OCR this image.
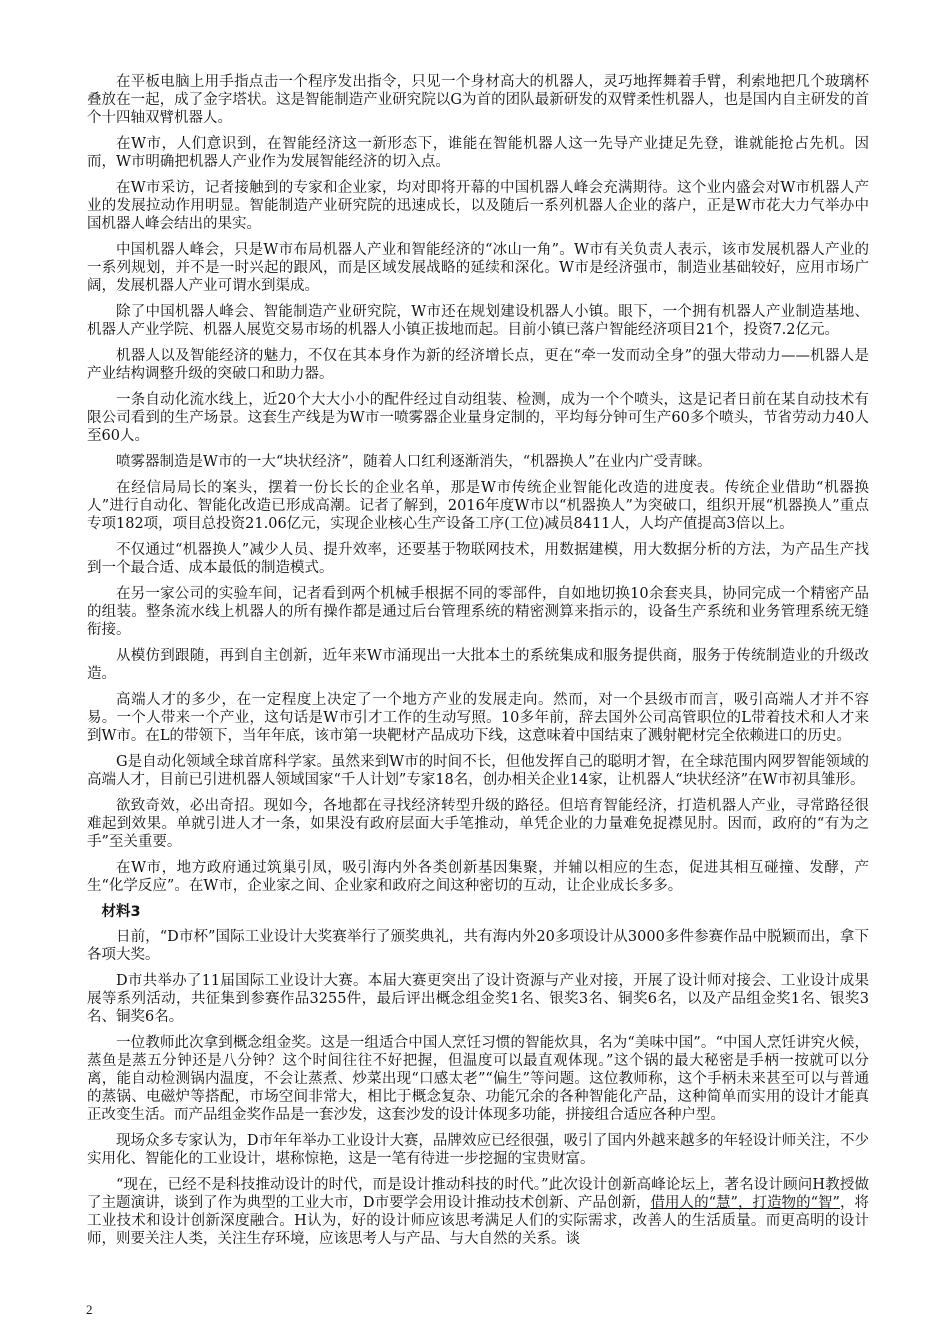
在平板电脑上用手指点击一个程序发出指令，只见一个身材高大的机器人，灵巧地挥舞着手臂，利索地把几个玻璃杯叠放在一起，成了金字塔状。这是智能制造产业研究院以G为首的团队最新研发的双臂柔性机器人，也是国内自主研发的首个十四轴双臂机器人。

在W市，人们意识到，在智能经济这一新形态下，谁能在智能机器人这一先导产业捷足先登，谁就能抢占先机。因而，W市明确把机器人产业作为发展智能经济的切入点。

在W市采访，记者接触到的专家和企业家，均对即将开幕的中国机器人峰会充满期待。这个业内盛会对W市机器人产业的发展拉动作用明显。智能制造产业研究院的迅速成长，以及随后一系列机器人企业的落户，正是W市花大力气举办中国机器人峰会结出的果实。

中国机器人峰会，只是W市布局机器人产业和智能经济的“冰山一角”。W市有关负责人表示，该市发展机器人产业的一系列规划，并不是一时兴起的跟风，而是区域发展战略的延续和深化。W市是经济强市，制造业基础较好，应用市场广阔，发展机器人产业可谓水到渠成。

除了中国机器人峰会、智能制造产业研究院，W市还在规划建设机器人小镇。眼下，一个拥有机器人产业制造基地、机器人产业学院、机器人展览交易市场的机器人小镇正拔地而起。目前小镇已落户智能经济项目21个，投资7.2亿元。

机器人以及智能经济的魅力，不仅在其本身作为新的经济增长点，更在“牵一发而动全身”的强大带动力——机器人是产业结构调整升级的突破口和助力器。

一条自动化流水线上，近20个大大小小的配件经过自动组装、检测，成为一个个喷头，这是记者日前在某自动技术有限公司看到的生产场景。这套生产线是为W市一喷雾器企业量身定制的，平均每分钟可生产60多个喷头，节省劳动力40人至60人。

喷雾器制造是W市的一大“块状经济”，随着人口红利逐渐消失，“机器换人”在业内广受青睐。

在经信局局长的案头，摆着一份长长的企业名单，那是W市传统企业智能化改造的进度表。传统企业借助“机器换人”进行自动化、智能化改造已形成高潮。记者了解到，2016年度W市以“机器换人”为突破口，组织开展“机器换人”重点专项182项，项目总投资21.06亿元，实现企业核心生产设备工序(工位)减员8411人，人均产值提高3倍以上。

不仅通过“机器换人”减少人员、提升效率，还要基于物联网技术，用数据建模，用大数据分析的方法，为产品生产找到一个最合适、成本最低的制造模式。

在另一家公司的实验车间，记者看到两个机械手根据不同的零部件，自如地切换10余套夹具，协同完成一个精密产品的组装。整条流水线上机器人的所有操作都是通过后台管理系统的精密测算来指示的，设备生产系统和业务管理系统无缝衔接。

从模仿到跟随，再到自主创新，近年来W市涌现出一大批本土的系统集成和服务提供商，服务于传统制造业的升级改造。

高端人才的多少，在一定程度上决定了一个地方产业的发展走向。然而，对一个县级市而言，吸引高端人才并不容易。一个人带来一个产业，这句话是W市引才工作的生动写照。10多年前，辞去国外公司高管职位的L带着技术和人才来到W市。在L的带领下，当年年底，该市第一块靶材产品成功下线，这意味着中国结束了溅射靶材完全依赖进口的历史。

G是自动化领域全球首席科学家。虽然来到W市的时间不长，但他发挥自己的聪明才智，在全球范围内网罗智能领域的高端人才，目前已引进机器人领域国家“千人计划”专家18名，创办相关企业14家，让机器人“块状经济”在W市初具雏形。

欲致奇效，必出奇招。现如今，各地都在寻找经济转型升级的路径。但培育智能经济，打造机器人产业，寻常路径很难起到效果。单就引进人才一条，如果没有政府层面大手笔推动，单凭企业的力量难免捉襟见肘。因而，政府的“有为之手”至关重要。

在W市，地方政府通过筑巢引凤，吸引海内外各类创新基因集聚，并辅以相应的生态，促进其相互碰撞、发酵，产生“化学反应”。在W市，企业家之间、企业家和政府之间这种密切的互动，让企业成长多多。

材料3

日前，“D市杯”国际工业设计大奖赛举行了颁奖典礼，共有海内外20多项设计从3000多件参赛作品中脱颖而出，拿下各项大奖。

D市共举办了11届国际工业设计大赛。本届大赛更突出了设计资源与产业对接，开展了设计师对接会、工业设计成果展等系列活动，共征集到参赛作品3255件，最后评出概念组金奖1名、银奖3名、铜奖6名，以及产品组金奖1名、银奖3名、铜奖6名。

一位教师此次拿到概念组金奖。这是一组适合中国人烹饪习惯的智能炊具，名为“美味中国”。“中国人烹饪讲究火候，蒸鱼是蒸五分钟还是八分钟？这个时间往往不好把握，但温度可以最直观体现。”这个锅的最大秘密是手柄一按就可以分离，能自动检测锅内温度，不会让蒸煮、炒菜出现“口感太老”“偏生”等问题。这位教师称，这个手柄未来甚至可以与普通的蒸锅、电磁炉等搭配，市场空间非常大，相比于概念复杂、功能冗余的各种智能化产品，这种简单而实用的设计才能真正改变生活。而产品组金奖作品是一套沙发，这套沙发的设计体现多功能，拼接组合适应各种户型。

现场众多专家认为，D市年年举办工业设计大赛，品牌效应已经很强，吸引了国内外越来越多的年轻设计师关注，不少实用化、智能化的工业设计，堪称惊艳，这是一笔有待进一步挖掘的宝贵财富。

“现在，已经不是科技推动设计的时代，而是设计推动科技的时代。”此次设计创新高峰论坛上，著名设计顾问H教授做了主题演讲，谈到了作为典型的工业大市，D市要学会用设计推动技术创新、产品创新，借用人的“慧”，打造物的“智”，将工业技术和设计创新深度融合。H认为，好的设计师应该思考满足人们的实际需求，改善人的生活质量。而更高明的设计师，则要关注人类，关注生存环境，应该思考人与产品、与大自然的关系。谈

2
